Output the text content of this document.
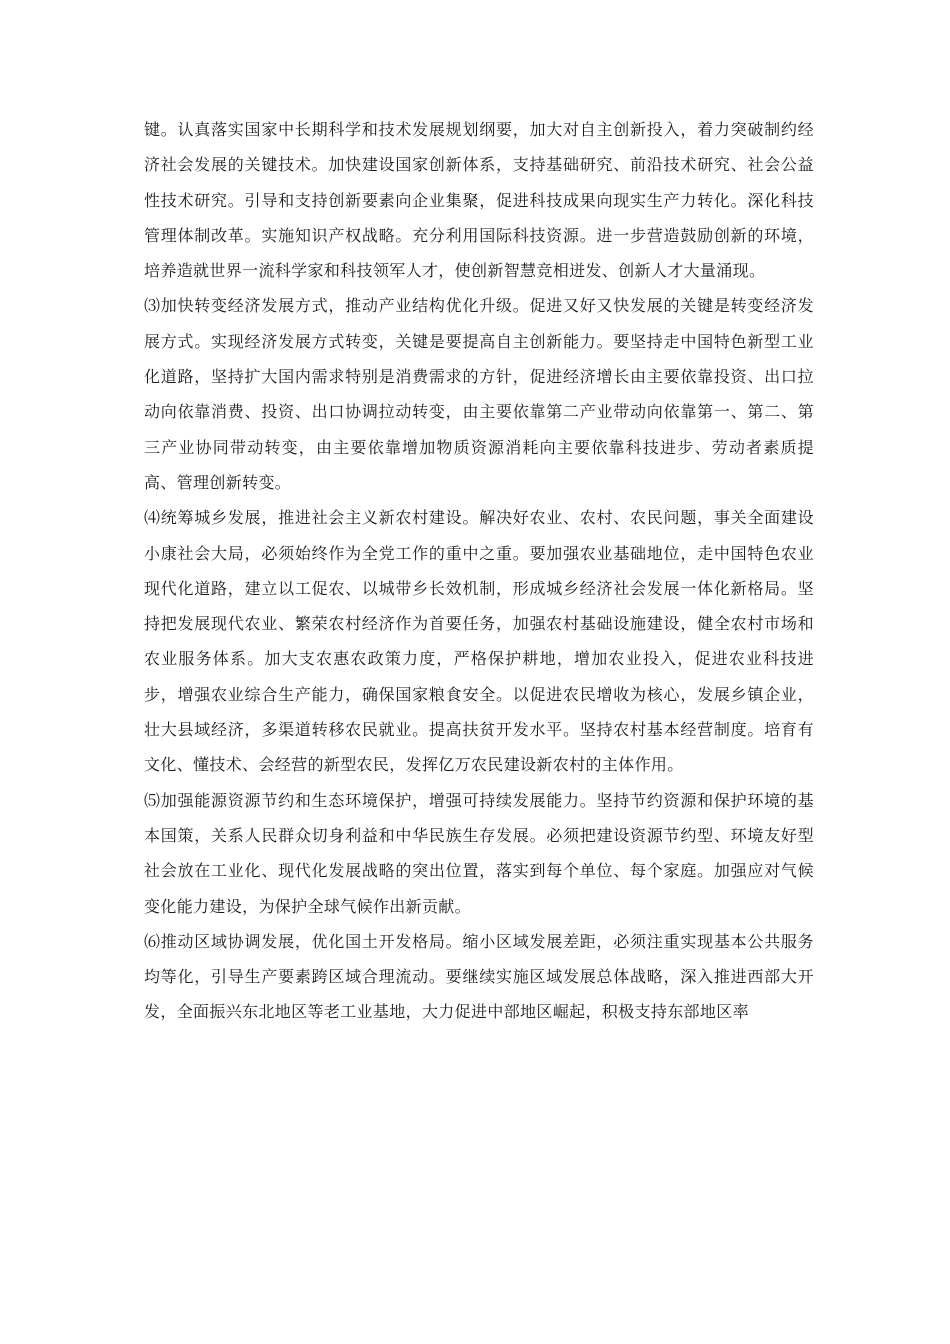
键。认真落实国家中长期科学和技术发展规划纲要，加大对自主创新投入，着力突破制约经济社会发展的关键技术。加快建设国家创新体系，支持基础研究、前沿技术研究、社会公益性技术研究。引导和支持创新要素向企业集聚，促进科技成果向现实生产力转化。深化科技管理体制改革。实施知识产权战略。充分利用国际科技资源。进一步营造鼓励创新的环境，培养造就世界一流科学家和科技领军人才，使创新智慧竞相迸发、创新人才大量涌现。

⑶加快转变经济发展方式，推动产业结构优化升级。促进又好又快发展的关键是转变经济发展方式。实现经济发展方式转变，关键是要提高自主创新能力。要坚持走中国特色新型工业化道路，坚持扩大国内需求特别是消费需求的方针，促进经济增长由主要依靠投资、出口拉动向依靠消费、投资、出口协调拉动转变，由主要依靠第二产业带动向依靠第一、第二、第三产业协同带动转变，由主要依靠增加物质资源消耗向主要依靠科技进步、劳动者素质提高、管理创新转变。

⑷统筹城乡发展，推进社会主义新农村建设。解决好农业、农村、农民问题，事关全面建设小康社会大局，必须始终作为全党工作的重中之重。要加强农业基础地位，走中国特色农业现代化道路，建立以工促农、以城带乡长效机制，形成城乡经济社会发展一体化新格局。坚持把发展现代农业、繁荣农村经济作为首要任务，加强农村基础设施建设，健全农村市场和农业服务体系。加大支农惠农政策力度，严格保护耕地，增加农业投入，促进农业科技进步，增强农业综合生产能力，确保国家粮食安全。以促进农民增收为核心，发展乡镇企业，壮大县域经济，多渠道转移农民就业。提高扶贫开发水平。坚持农村基本经营制度。培育有文化、懂技术、会经营的新型农民，发挥亿万农民建设新农村的主体作用。

⑸加强能源资源节约和生态环境保护，增强可持续发展能力。坚持节约资源和保护环境的基本国策，关系人民群众切身利益和中华民族生存发展。必须把建设资源节约型、环境友好型社会放在工业化、现代化发展战略的突出位置，落实到每个单位、每个家庭。加强应对气候变化能力建设，为保护全球气候作出新贡献。

⑹推动区域协调发展，优化国土开发格局。缩小区域发展差距，必须注重实现基本公共服务均等化，引导生产要素跨区域合理流动。要继续实施区域发展总体战略，深入推进西部大开发，全面振兴东北地区等老工业基地，大力促进中部地区崛起，积极支持东部地区率
